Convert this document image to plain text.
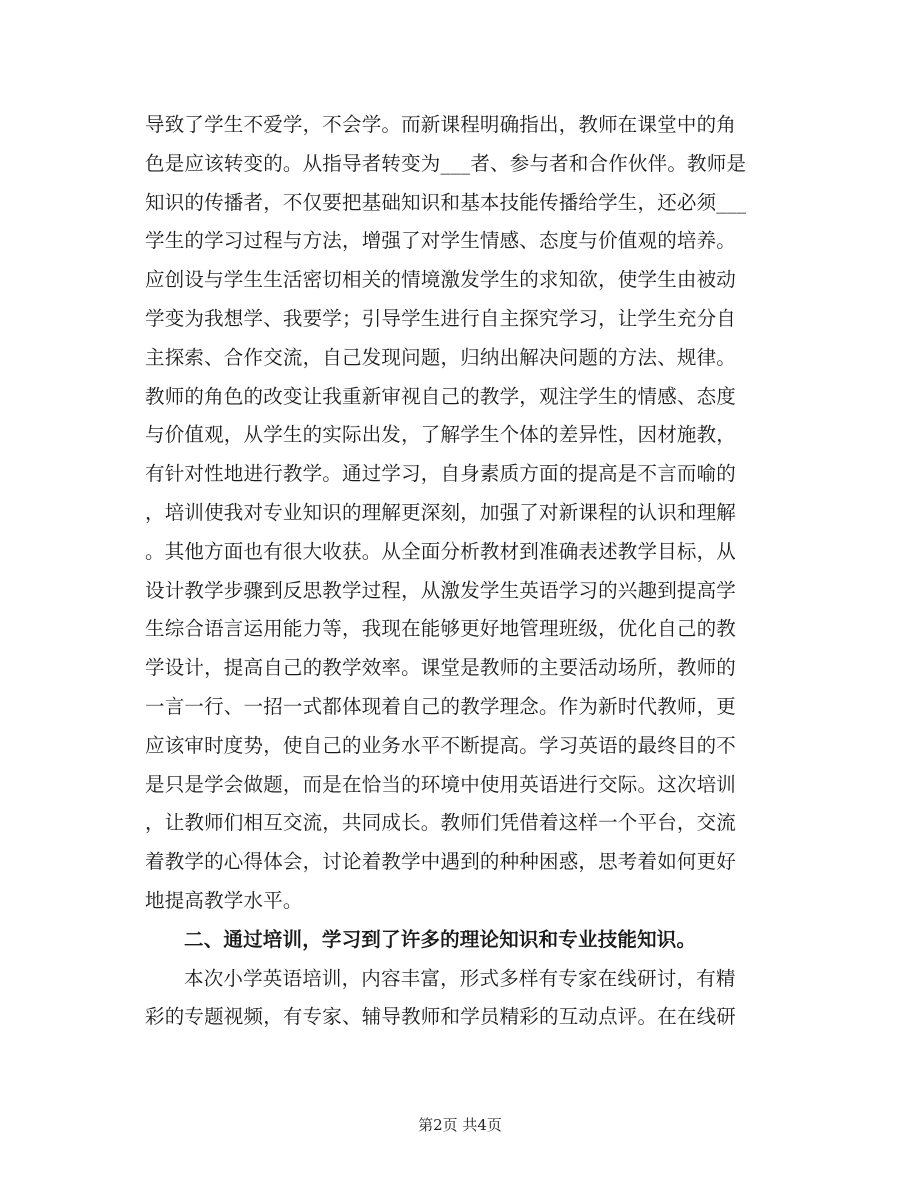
导致了学生不爱学，不会学。而新课程明确指出，教师在课堂中的角
色是应该转变的。从指导者转变为___者、参与者和合作伙伴。教师是
知识的传播者，不仅要把基础知识和基本技能传播给学生，还必须___
学生的学习过程与方法，增强了对学生情感、态度与价值观的培养。
应创设与学生生活密切相关的情境激发学生的求知欲，使学生由被动
学变为我想学、我要学；引导学生进行自主探究学习，让学生充分自
主探索、合作交流，自己发现问题，归纳出解决问题的方法、规律。
教师的角色的改变让我重新审视自己的教学，观注学生的情感、态度
与价值观，从学生的实际出发，了解学生个体的差异性，因材施教，
有针对性地进行教学。通过学习，自身素质方面的提高是不言而喻的
，培训使我对专业知识的理解更深刻，加强了对新课程的认识和理解
。其他方面也有很大收获。从全面分析教材到准确表述教学目标，从
设计教学步骤到反思教学过程，从激发学生英语学习的兴趣到提高学
生综合语言运用能力等，我现在能够更好地管理班级，优化自己的教
学设计，提高自己的教学效率。课堂是教师的主要活动场所，教师的
一言一行、一招一式都体现着自己的教学理念。作为新时代教师，更
应该审时度势，使自己的业务水平不断提高。学习英语的最终目的不
是只是学会做题，而是在恰当的环境中使用英语进行交际。这次培训
，让教师们相互交流，共同成长。教师们凭借着这样一个平台，交流
着教学的心得体会，讨论着教学中遇到的种种困惑，思考着如何更好
地提高教学水平。
二、通过培训，学习到了许多的理论知识和专业技能知识。
本次小学英语培训，内容丰富，形式多样有专家在线研讨，有精
彩的专题视频，有专家、辅导教师和学员精彩的互动点评。在在线研
第2页 共4页
